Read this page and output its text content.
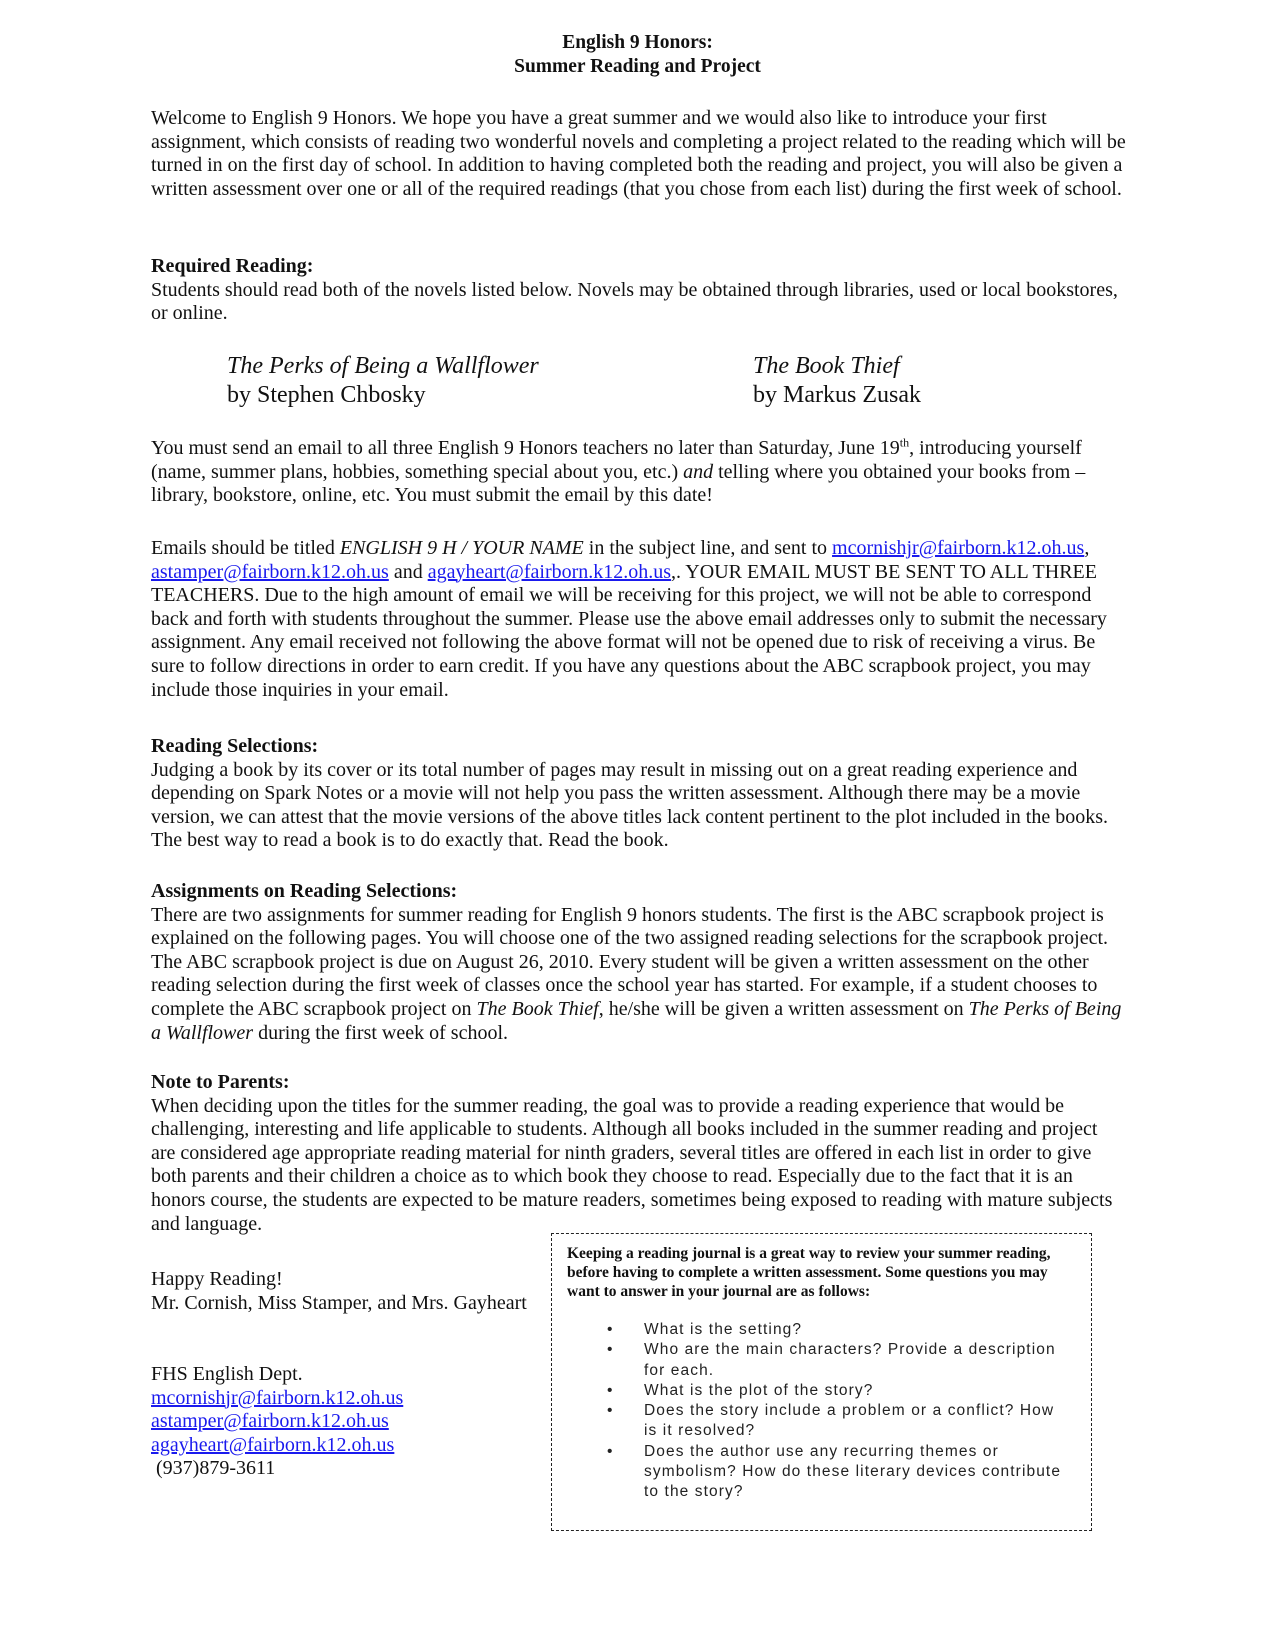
English 9 Honors:
Summer Reading and Project

Welcome to English 9 Honors. We hope you have a great summer and we would also like to introduce your first assignment, which consists of reading two wonderful novels and completing a project related to the reading which will be turned in on the first day of school. In addition to having completed both the reading and project, you will also be given a written assessment over one or all of the required readings (that you chose from each list) during the first week of school.

Required Reading:

Students should read both of the novels listed below. Novels may be obtained through libraries, used or local bookstores, or online.

The Perks of Being a Wallflower
by Stephen Chbosky
The Book Thief
by Markus Zusak

You must send an email to all three English 9 Honors teachers no later than Saturday, June 19th, introducing yourself (name, summer plans, hobbies, something special about you, etc.) and telling where you obtained your books from – library, bookstore, online, etc. You must submit the email by this date!

Emails should be titled ENGLISH 9 H / YOUR NAME in the subject line, and sent to mcornishjr@fairborn.k12.oh.us, astamper@fairborn.k12.oh.us and agayheart@fairborn.k12.oh.us,. YOUR EMAIL MUST BE SENT TO ALL THREE TEACHERS. Due to the high amount of email we will be receiving for this project, we will not be able to correspond back and forth with students throughout the summer. Please use the above email addresses only to submit the necessary assignment. Any email received not following the above format will not be opened due to risk of receiving a virus. Be sure to follow directions in order to earn credit. If you have any questions about the ABC scrapbook project, you may include those inquiries in your email.

Reading Selections:

Judging a book by its cover or its total number of pages may result in missing out on a great reading experience and depending on Spark Notes or a movie will not help you pass the written assessment. Although there may be a movie version, we can attest that the movie versions of the above titles lack content pertinent to the plot included in the books. The best way to read a book is to do exactly that. Read the book.

Assignments on Reading Selections:

There are two assignments for summer reading for English 9 honors students. The first is the ABC scrapbook project is explained on the following pages. You will choose one of the two assigned reading selections for the scrapbook project. The ABC scrapbook project is due on August 26, 2010. Every student will be given a written assessment on the other reading selection during the first week of classes once the school year has started. For example, if a student chooses to complete the ABC scrapbook project on The Book Thief, he/she will be given a written assessment on The Perks of Being a Wallflower during the first week of school.

Note to Parents:

When deciding upon the titles for the summer reading, the goal was to provide a reading experience that would be challenging, interesting and life applicable to students. Although all books included in the summer reading and project are considered age appropriate reading material for ninth graders, several titles are offered in each list in order to give both parents and their children a choice as to which book they choose to read. Especially due to the fact that it is an honors course, the students are expected to be mature readers, sometimes being exposed to reading with mature subjects and language.

Happy Reading!
Mr. Cornish, Miss Stamper, and Mrs. Gayheart
FHS English Dept.
mcornishjr@fairborn.k12.oh.us
astamper@fairborn.k12.oh.us
agayheart@fairborn.k12.oh.us
(937)879-3611
Keeping a reading journal is a great way to review your summer reading, before having to complete a written assessment. Some questions you may want to answer in your journal are as follows:
• What is the setting?
• Who are the main characters? Provide a description for each.
• What is the plot of the story?
• Does the story include a problem or a conflict? How is it resolved?
• Does the author use any recurring themes or symbolism? How do these literary devices contribute to the story?
